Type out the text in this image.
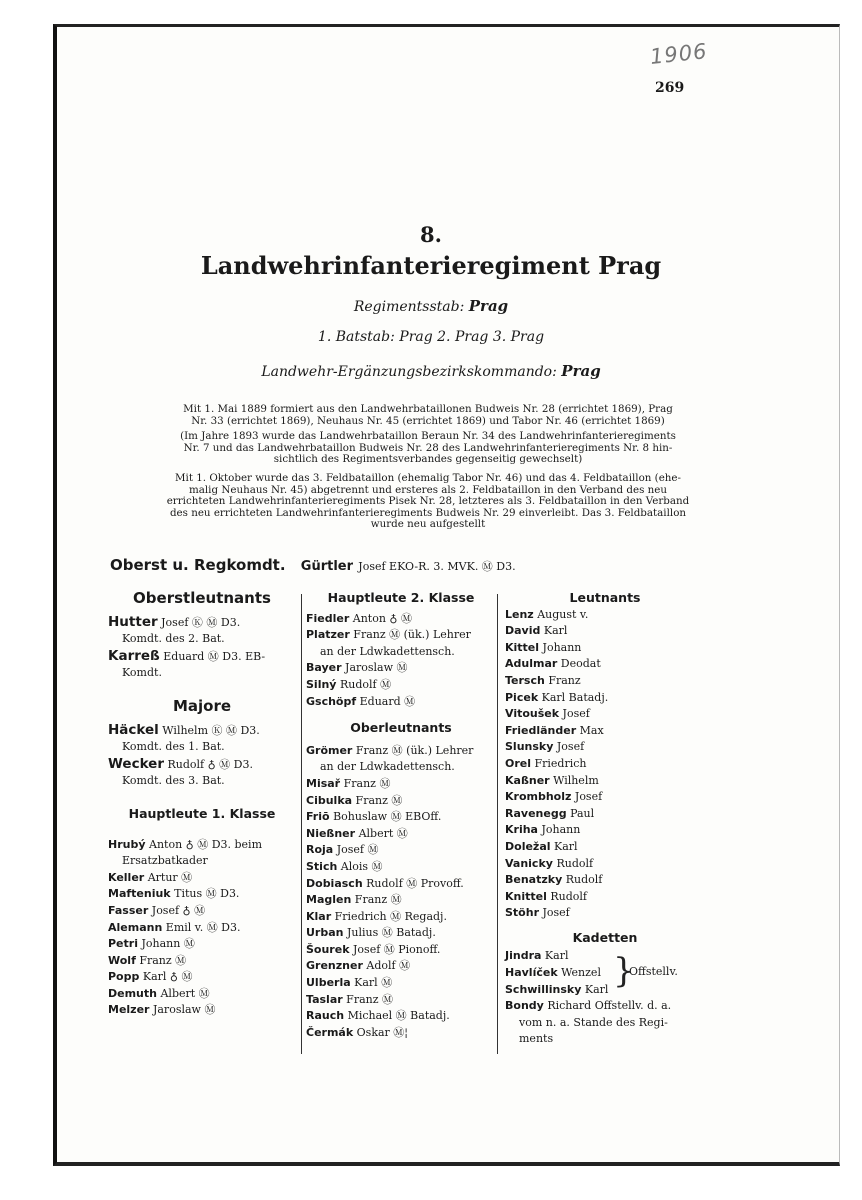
1906
269
8.
Landwehrinfanterieregiment Prag
Regimentsstab: Prag
1. Batstab: Prag 2. Prag 3. Prag
Landwehr-Ergänzungsbezirkskommando: Prag

Mit 1. Mai 1889 formiert aus den Landwehrbataillonen Budweis Nr. 28 (errichtet 1869), Prag

Nr. 33 (errichtet 1869), Neuhaus Nr. 45 (errichtet 1869) und Tabor Nr. 46 (errichtet 1869)

(Im Jahre 1893 wurde das Landwehrbataillon Beraun Nr. 34 des Landwehrinfanterieregiments

Nr. 7 und das Landwehrbataillon Budweis Nr. 28 des Landwehrinfanterieregiments Nr. 8 hin-

sichtlich des Regimentsverbandes gegenseitig gewechselt)

Mit 1. Oktober wurde das 3. Feldbataillon (ehemalig Tabor Nr. 46) und das 4. Feldbataillon (ehe-

malig Neuhaus Nr. 45) abgetrennt und ersteres als 2. Feldbataillon in den Verband des neu

errichteten Landwehrinfanterieregiments Pisek Nr. 28, letzteres als 3. Feldbataillon in den Verband

des neu errichteten Landwehrinfanterieregiments Budweis Nr. 29 einverleibt. Das 3. Feldbataillon

wurde neu aufgestellt

Oberst u. Regkomdt. Gürtler Josef EKO-R. 3. MVK. Ⓜ D3.
Oberstleutnants
Hutter Josef Ⓚ Ⓜ D3.
Komdt. des 2. Bat.
Karreß Eduard Ⓜ D3. EB-
Komdt.
Majore
Häckel Wilhelm Ⓚ Ⓜ D3.
Komdt. des 1. Bat.
Wecker Rudolf ♁ Ⓜ D3.
Komdt. des 3. Bat.
Hauptleute 1. Klasse
Hrubý Anton ♁ Ⓜ D3. beim
Ersatzbatkader
Keller Artur Ⓜ
Mafteniuk Titus Ⓜ D3.
Fasser Josef ♁ Ⓜ
Alemann Emil v. Ⓜ D3.
Petri Johann Ⓜ
Wolf Franz Ⓜ
Popp Karl ♁ Ⓜ
Demuth Albert Ⓜ
Melzer Jaroslaw Ⓜ
Hauptleute 2. Klasse
Fiedler Anton ♁ Ⓜ
Platzer Franz Ⓜ (ük.) Lehrer
an der Ldwkadettensch.
Bayer Jaroslaw Ⓜ
Silný Rudolf Ⓜ
Gschöpf Eduard Ⓜ
Oberleutnants
Grömer Franz Ⓜ (ük.) Lehrer
an der Ldwkadettensch.
Misař Franz Ⓜ
Cibulka Franz Ⓜ
Friō Bohuslaw Ⓜ EBOff.
Nießner Albert Ⓜ
Roja Josef Ⓜ
Stich Alois Ⓜ
Dobiasch Rudolf Ⓜ Provoff.
Maglen Franz Ⓜ
Klar Friedrich Ⓜ Regadj.
Urban Julius Ⓜ Batadj.
Šourek Josef Ⓜ Pionoff.
Grenzner Adolf Ⓜ
Ulberla Karl Ⓜ
Taslar Franz Ⓜ
Rauch Michael Ⓜ Batadj.
Čermák Oskar Ⓜ¦
Leutnants
Lenz August v.
David Karl
Kittel Johann
Adulmar Deodat
Tersch Franz
Picek Karl Batadj.
Vitoušek Josef
Friedländer Max
Slunsky Josef
Orel Friedrich
Kaßner Wilhelm
Krombholz Josef
Ravenegg Paul
Kriha Johann
Doležal Karl
Vanicky Rudolf
Benatzky Rudolf
Knittel Rudolf
Stöhr Josef
Kadetten
Jindra Karl
Havlíček Wenzel
Schwillinsky Karl }
Offstellv.
Bondy Richard Offstellv. d. a.
vom n. a. Stande des Regi-
ments
